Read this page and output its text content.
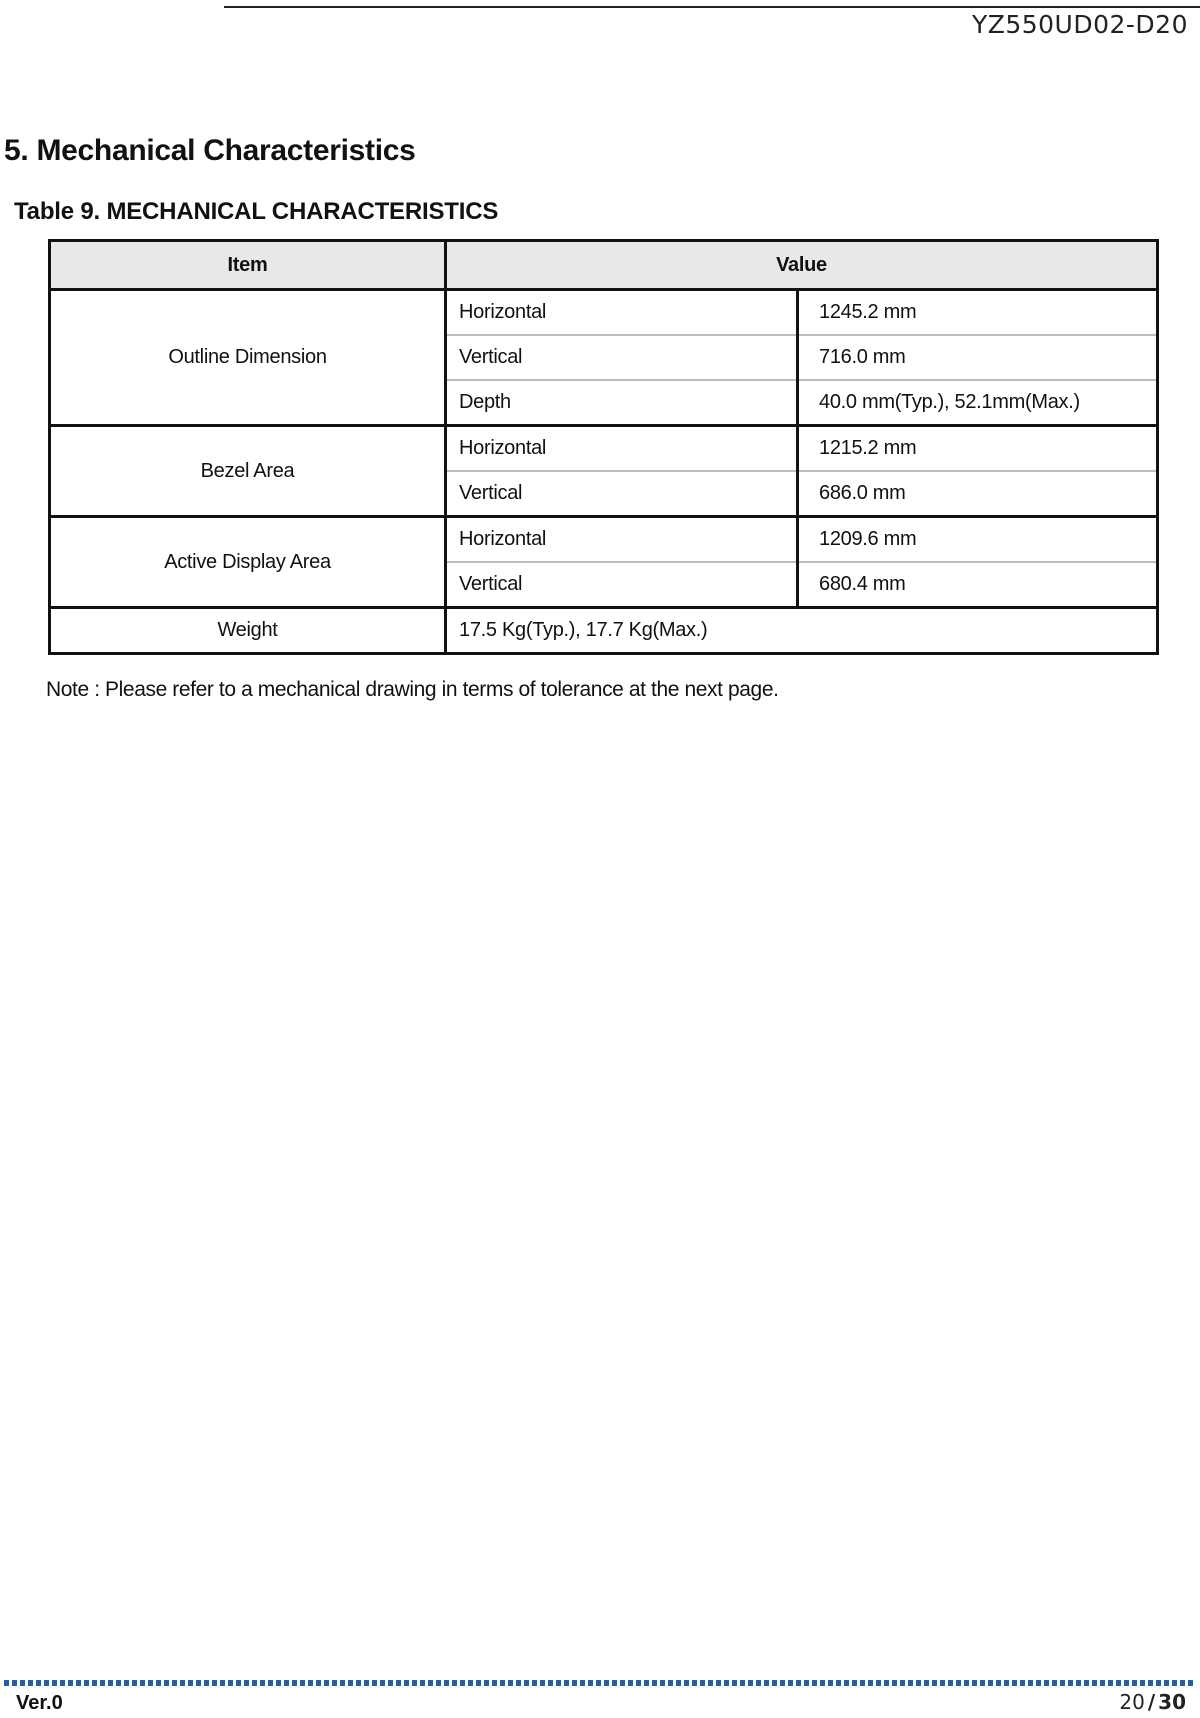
YZ550UD02-D20
5. Mechanical Characteristics
Table 9. MECHANICAL CHARACTERISTICS
Item	Value	
Outline Dimension	Horizontal	1245.2 mm
	Vertical	716.0 mm
	Depth	40.0 mm(Typ.), 52.1mm(Max.)
Bezel Area	Horizontal	1215.2 mm
	Vertical	686.0 mm
Active Display Area	Horizontal	1209.6 mm
	Vertical	680.4 mm
Weight	17.5 Kg(Typ.), 17.7 Kg(Max.)	
Note : Please refer to a mechanical drawing in terms of tolerance at the next page.
Ver.0	20 / 30
